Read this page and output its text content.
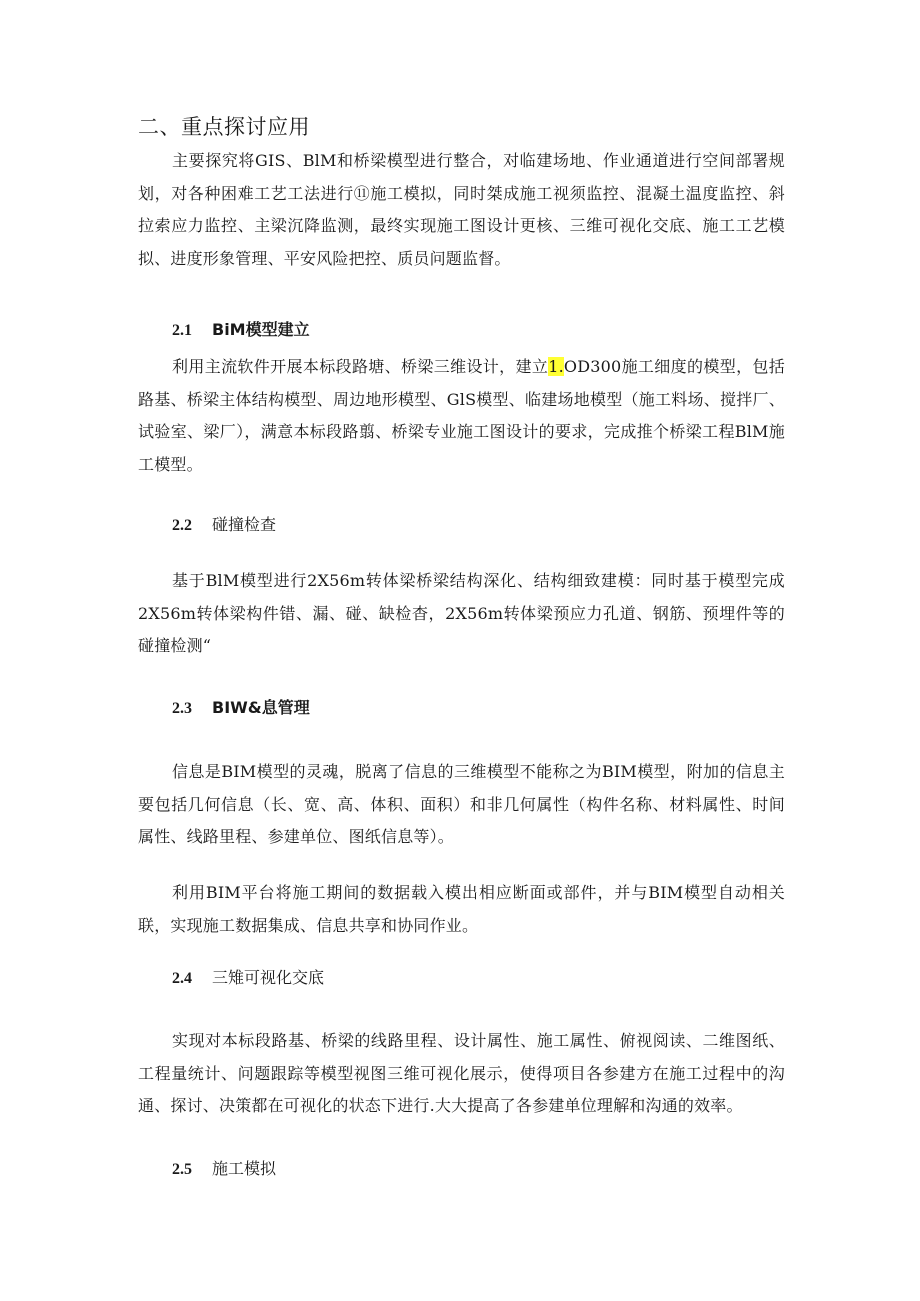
二、重点探讨应用

主要探究将GIS、BlM和桥梁模型进行整合，对临建场地、作业通道进行空间部署规划，对各种困难工艺工法进行⑪施工模拟，同时桀成施工视须监控、混凝土温度监控、斜拉索应力监控、主梁沉降监测，最终实现施工图设计更核、三维可视化交底、施工工艺模拟、进度形象管理、平安风险把控、质员问题监督。

2.1 BiM模型建立

利用主流软件开展本标段路塘、桥梁三维设计，建立1.OD300施工细度的模型，包括路基、桥梁主体结构模型、周边地形模型、GlS模型、临建场地模型（施工料场、搅拌厂、试验室、梁厂），满意本标段路翦、桥梁专业施工图设计的要求，完成推个桥梁工程BlM施工模型。

2.2 碰撞检查

基于BlM模型进行2X56m转体梁桥梁结构深化、结构细致建模：同时基于模型完成2X56m转体梁构件错、漏、碰、缺检杳，2X56m转体梁预应力孔道、钢筋、预埋件等的碰撞检测“

2.3 BIW&息管理

信息是BIM模型的灵魂，脱离了信息的三维模型不能称之为BIM模型，附加的信息主要包括几何信息（长、宽、高、体积、面积）和非几何属性（构件名称、材料属性、时间属性、线路里程、参建单位、图纸信息等）。

利用BIM平台将施工期间的数据载入模出相应断面或部件，并与BIM模型自动相关联，实现施工数据集成、信息共享和协同作业。

2.4 三雉可视化交底

实现对本标段路基、桥梁的线路里程、设计属性、施工属性、俯视阅读、二维图纸、工程量统计、问题跟踪等模型视图三维可视化展示，使得项目各参建方在施工过程中的沟通、探讨、决策都在可视化的状态下进行.大大提高了各参建单位理解和沟通的效率。

2.5 施工模拟
